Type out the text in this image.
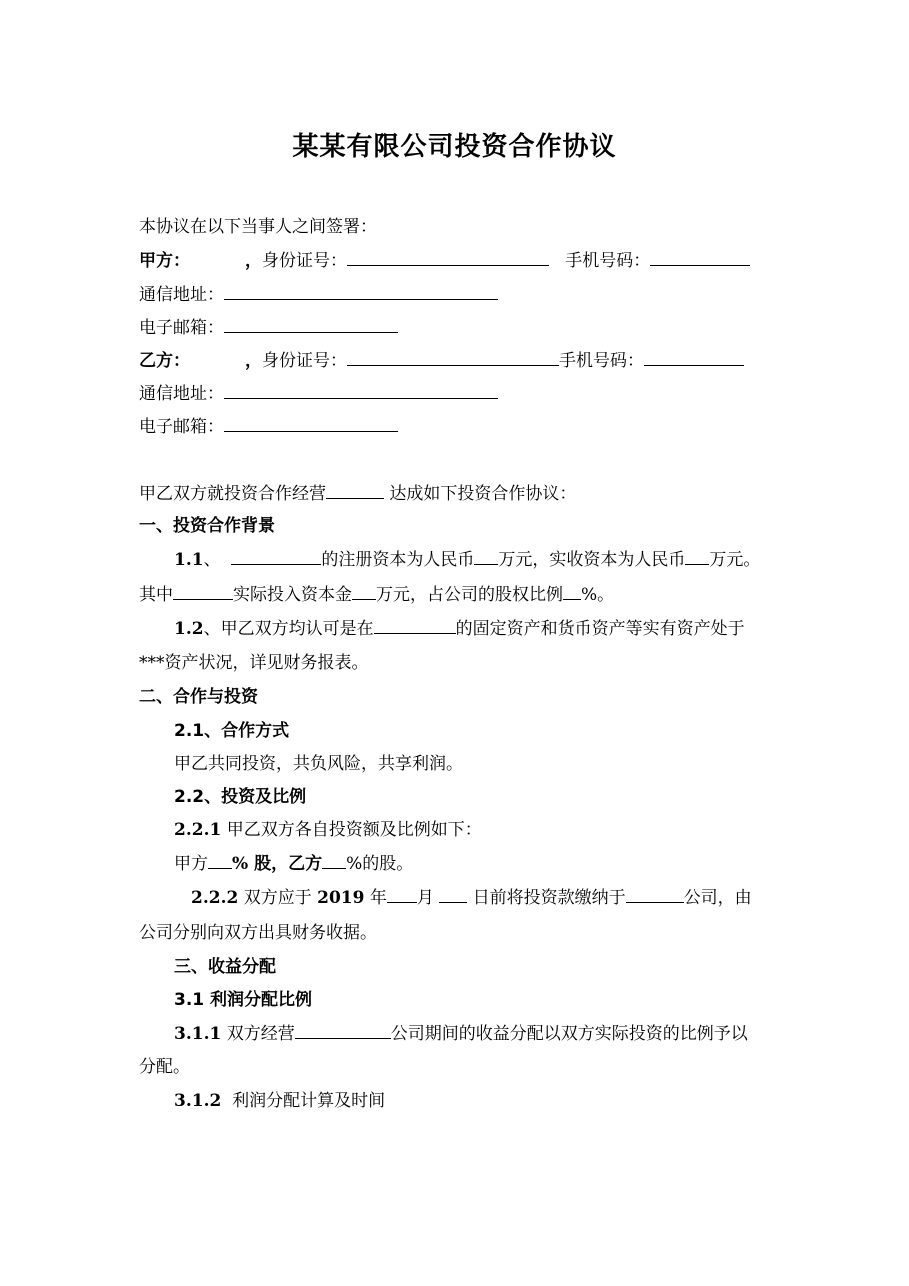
某某有限公司投资合作协议
本协议在以下当事人之间签署：
甲方：	，身份证号：	手机号码：
通信地址：
电子邮箱：
乙方：	，身份证号：	手机号码：
通信地址：
电子邮箱：
甲乙双方就投资合作经营	达成如下投资合作协议：
一、投资合作背景
1.1、	的注册资本为人民币 万元，实收资本为人民币 万元。
其中	实际投入资本金 万元，占公司的股权比例 %。
1.2、甲乙双方均认可是在	的固定资产和货币资产等实有资产处于
***资产状况，详见财务报表。
二、合作与投资
2.1、合作方式
甲乙共同投资，共负风险，共享利润。
2.2、投资及比例
2.2.1 甲乙双方各自投资额及比例如下：
甲方 % 股，乙方 %的股。
2.2.2 双方应于 2019 年 月 日前将投资款缴纳于	公司，由
公司分别向双方出具财务收据。
三、收益分配
3.1 利润分配比例
3.1.1 双方经营	公司期间的收益分配以双方实际投资的比例予以
分配。
3.1.2 利润分配计算及时间
